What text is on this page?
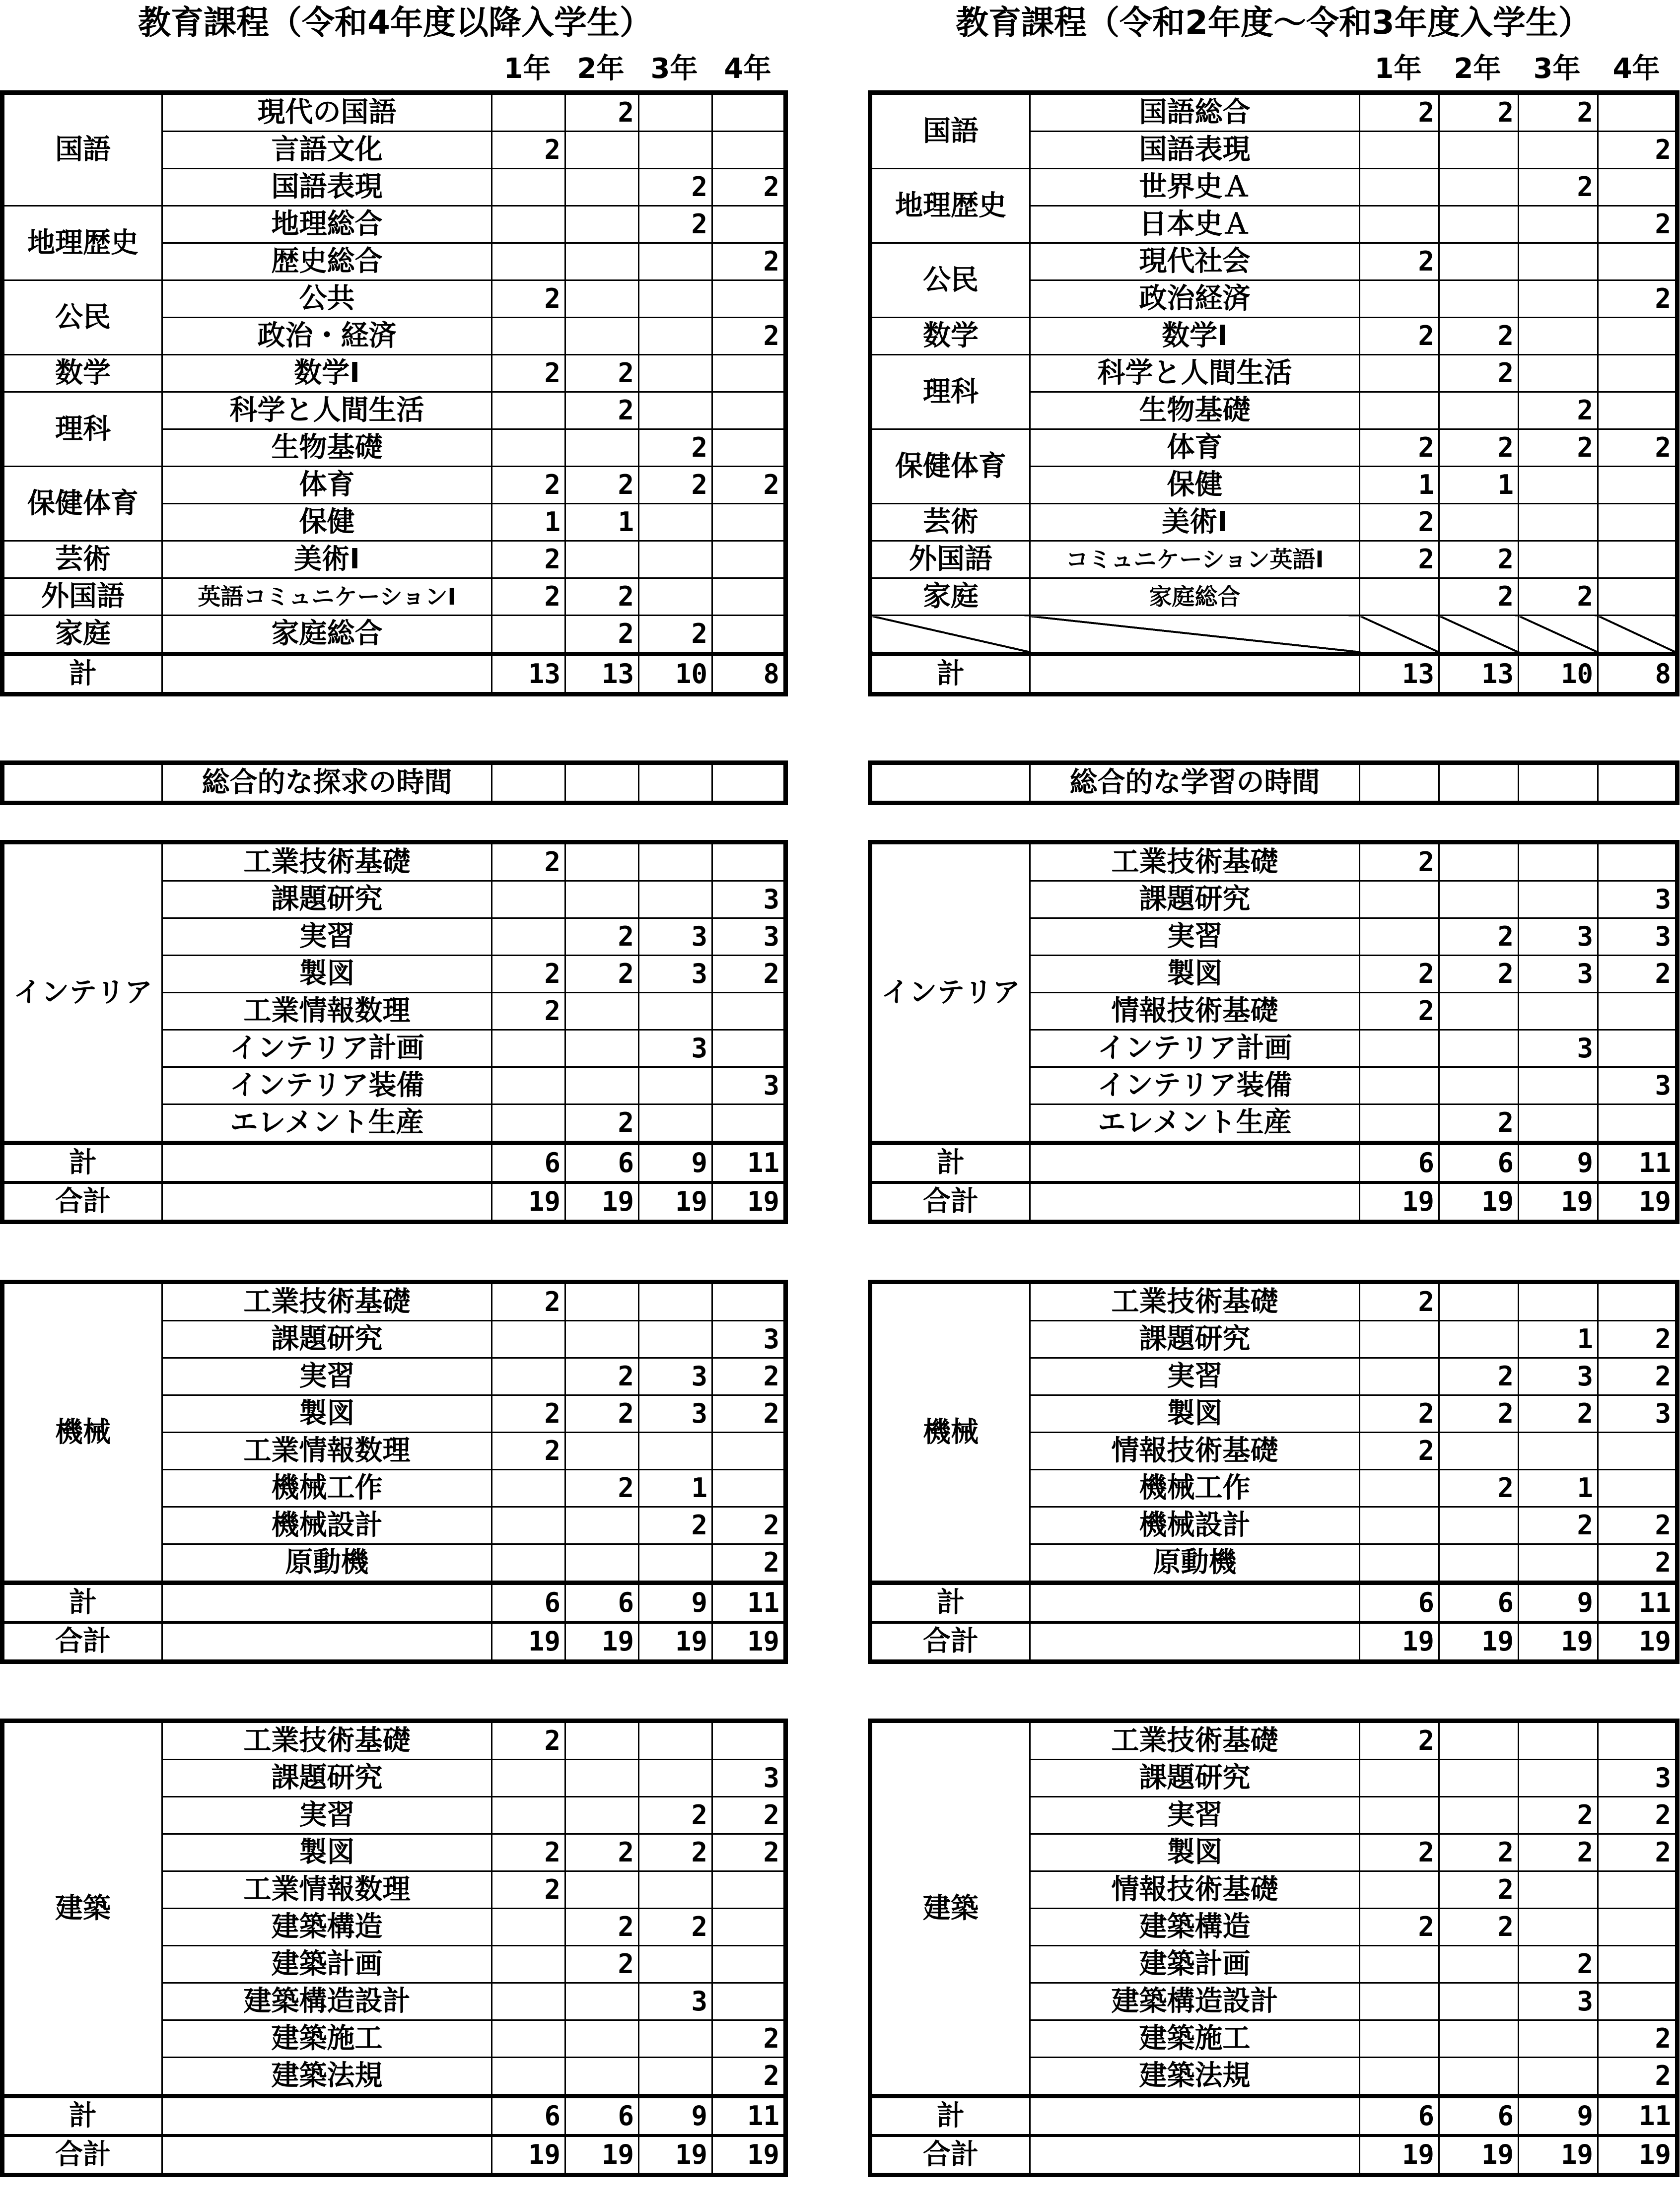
教育課程（令和4年度以降入学生）
1年 2年 3年 4年
国語	現代の国語		2		
	言語文化	2			
	国語表現			2	2
地理歴史	地理総合			2	
	歴史総合				2
公民	公共	2			
	政治・経済				2
数学	数学Ⅰ	2	2		
理科	科学と人間生活		2		
	生物基礎			2	
保健体育	体育	2	2	2	2
	保健	1	1		
芸術	美術Ⅰ	2			
外国語	英語コミュニケーションⅠ	2	2		
家庭	家庭総合		2	2	
計		13	13	10	8
	総合的な探求の時間				
インテリア	工業技術基礎	2			
	課題研究				3
	実習		2	3	3
	製図	2	2	3	2
	工業情報数理	2			
	インテリア計画			3	
	インテリア装備				3
	エレメント生産		2		
計		6	6	9	11
合計		19	19	19	19
機械	工業技術基礎	2			
	課題研究				3
	実習		2	3	2
	製図	2	2	3	2
	工業情報数理	2			
	機械工作		2	1	
	機械設計			2	2
	原動機				2
計		6	6	9	11
合計		19	19	19	19
建築	工業技術基礎	2			
	課題研究				3
	実習			2	2
	製図	2	2	2	2
	工業情報数理	2			
	建築構造		2	2	
	建築計画		2		
	建築構造設計			3	
	建築施工				2
	建築法規				2
計		6	6	9	11
合計		19	19	19	19
教育課程（令和2年度～令和3年度入学生）
1年	2年	3年	4年
国語	国語総合	2	2	2	
	国語表現				2
地理歴史	世界史Ａ			2	
	日本史Ａ				2
公民	現代社会	2			
	政治経済				2
数学	数学Ⅰ	2	2		
理科	科学と人間生活		2		
	生物基礎			2	
保健体育	体育	2	2	2	2
	保健	1	1		
芸術	美術Ⅰ	2			
外国語	コミュニケーション英語Ⅰ	2	2		
家庭	家庭総合		2	2	

計		13	13	10	8
	総合的な学習の時間				
インテリア	工業技術基礎	2			
	課題研究				3
	実習		2	3	3
	製図	2	2	3	2
	情報技術基礎	2			
	インテリア計画			3	
	インテリア装備				3
	エレメント生産		2		
計		6	6	9	11
合計		19	19	19	19
機械	工業技術基礎	2			
	課題研究			1	2
	実習		2	3	2
	製図	2	2	2	3
	情報技術基礎	2			
	機械工作		2	1	
	機械設計			2	2
	原動機				2
計		6	6	9	11
合計		19	19	19	19
建築	工業技術基礎	2			
	課題研究				3
	実習			2	2
	製図	2	2	2	2
	情報技術基礎		2		
	建築構造	2	2		
	建築計画			2	
	建築構造設計			3	
	建築施工				2
	建築法規				2
計		6	6	9	11
合計		19	19	19	19
